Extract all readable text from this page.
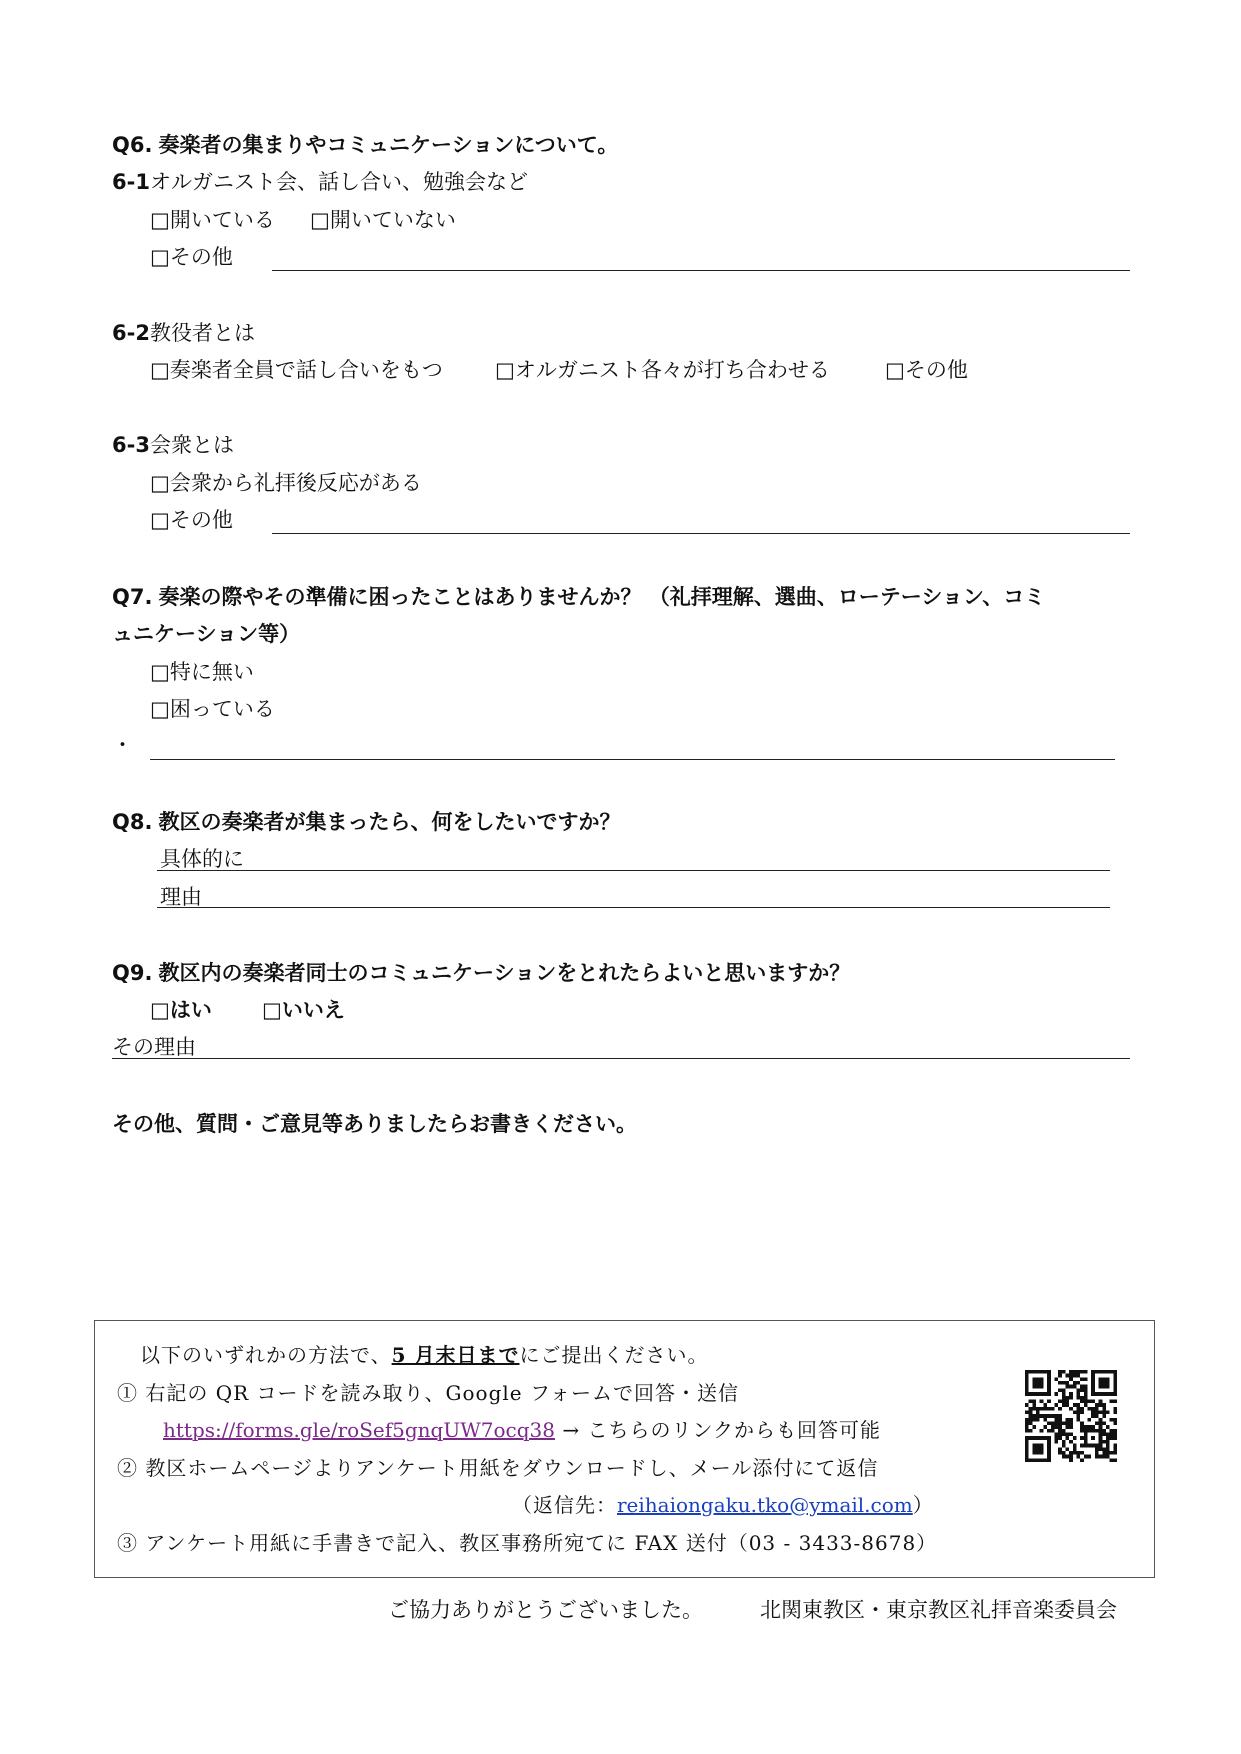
Q6. 奏楽者の集まりやコミュニケーションについて。
6-1オルガニスト会、話し合い、勉強会など
□開いている □開いていない
□その他
6-2教役者とは
□奏楽者全員で話し合いをもつ □オルガニスト各々が打ち合わせる	□その他
6-3会衆とは
□会衆から礼拝後反応がある
□その他
Q7. 奏楽の際やその準備に困ったことはありませんか？ （礼拝理解、選曲、ローテーション、コミ
ュニケーション等）
□特に無い
□困っている
・
Q8. 教区の奏楽者が集まったら、何をしたいですか？
具体的に
理由
Q9. 教区内の奏楽者同士のコミュニケーションをとれたらよいと思いますか？
□はい □いいえ
その理由
その他、質問・ご意見等ありましたらお書きください。
以下のいずれかの方法で、5 月末日までにご提出ください。
① 右記の QR コードを読み取り、Google フォームで回答・送信
https://forms.gle/roSef5gnqUW7ocq38 → こちらのリンクからも回答可能
② 教区ホームページよりアンケート用紙をダウンロードし、メール添付にて返信
（返信先：reihaiongaku.tko@ymail.com）
③ アンケート用紙に手書きで記入、教区事務所宛てに FAX 送付（03 ‐ 3433-8678）
ご協力ありがとうございました。	北関東教区・東京教区礼拝音楽委員会
